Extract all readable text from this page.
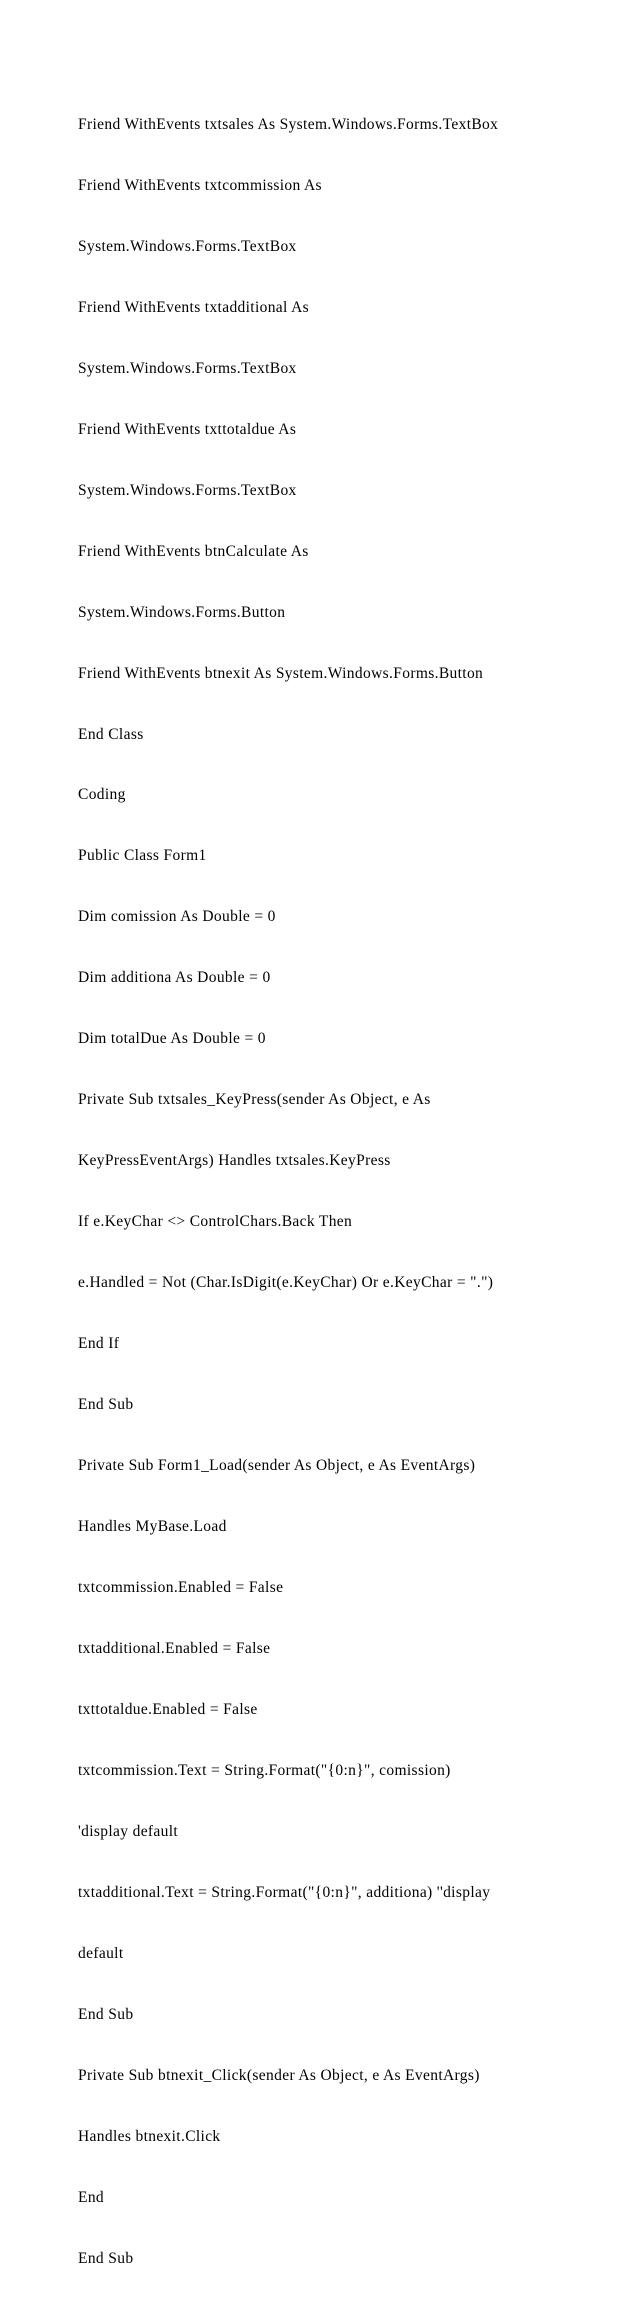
Friend WithEvents txtsales As System.Windows.Forms.TextBox

Friend WithEvents txtcommission As

System.Windows.Forms.TextBox

Friend WithEvents txtadditional As

System.Windows.Forms.TextBox

Friend WithEvents txttotaldue As

System.Windows.Forms.TextBox

Friend WithEvents btnCalculate As

System.Windows.Forms.Button

Friend WithEvents btnexit As System.Windows.Forms.Button

End Class

Coding

Public Class Form1

Dim comission As Double = 0

Dim additiona As Double = 0

Dim totalDue As Double = 0

Private Sub txtsales_KeyPress(sender As Object, e As

KeyPressEventArgs) Handles txtsales.KeyPress

If e.KeyChar <> ControlChars.Back Then

e.Handled = Not (Char.IsDigit(e.KeyChar) Or e.KeyChar = ".")

End If

End Sub

Private Sub Form1_Load(sender As Object, e As EventArgs)

Handles MyBase.Load

txtcommission.Enabled = False

txtadditional.Enabled = False

txttotaldue.Enabled = False

txtcommission.Text = String.Format("{0:n}", comission)

'display default

txtadditional.Text = String.Format("{0:n}", additiona) ''display

default

End Sub

Private Sub btnexit_Click(sender As Object, e As EventArgs)

Handles btnexit.Click

End

End Sub
